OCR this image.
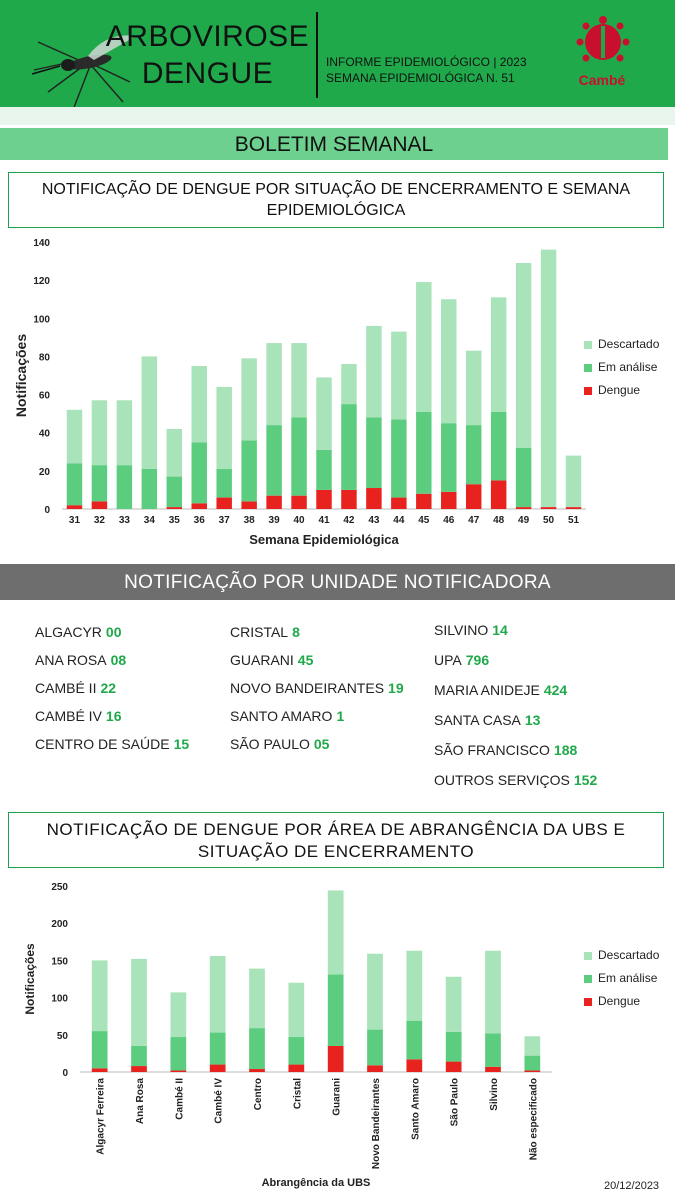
ARBOVIROSE
DENGUE	INFORME EPIDEMIOLÓGICO | 2023
SEMANA EPIDEMIOLÓGICA N. 51	Cambé
BOLETIM SEMANAL
NOTIFICAÇÃO DE DENGUE POR SITUAÇÃO DE ENCERRAMENTO E SEMANA EPIDEMIOLÓGICA
0
20
40
60
80
100
120
140
31 32 33 34 35 36 37 38 39 40 41 42 43 44 45 46 47 48 49 50 51
Semana Epidemiológica
Notificações	Descartado
Em análise
Dengue
NOTIFICAÇÃO POR UNIDADE NOTIFICADORA
ALGACYR 00
ANA ROSA 08
CAMBÉ II 22
CAMBÉ IV 16
CENTRO DE SAÚDE 15
CRISTAL 8
GUARANI 45
NOVO BANDEIRANTES 19
SANTO AMARO 1
SÃO PAULO 05
SILVINO 14
UPA 796
MARIA ANIDEJE 424
SANTA CASA 13
SÃO FRANCISCO 188
OUTROS SERVIÇOS 152
NOTIFICAÇÃO DE DENGUE POR ÁREA DE ABRANGÊNCIA DA UBS E SITUAÇÃO DE ENCERRAMENTO
0
50
100
150
200
250
Algacyr Ferreira	Ana Rosa	Cambé II	Cambé IV	Centro	Cristal	Guarani	Novo Bandeirantes	Santo Amaro	São Paulo	Silvino	Não especificado
Abrangência da UBS
Notificações	Descartado
Em análise
Dengue
20/12/2023
